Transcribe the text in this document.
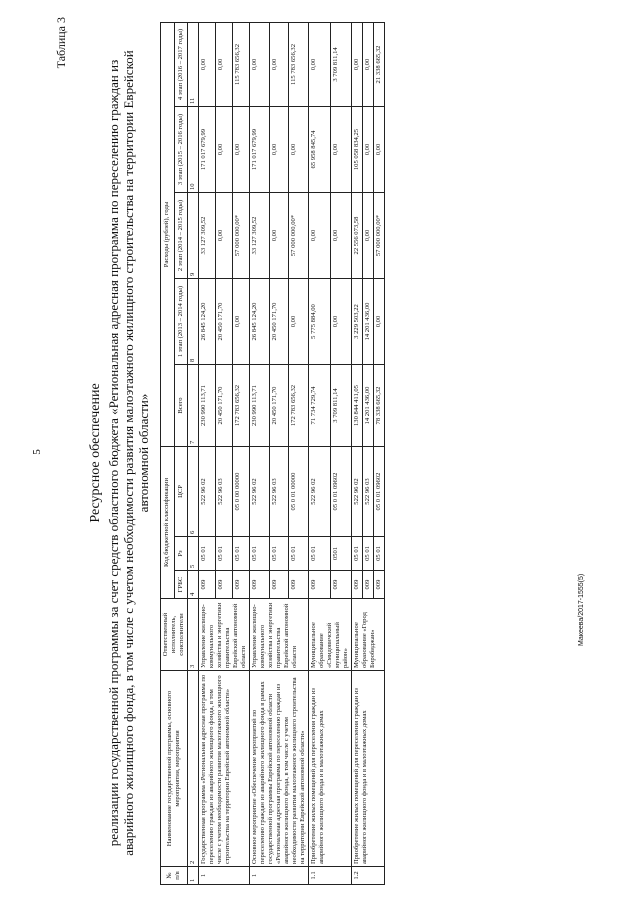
5
Таблица 3
Ресурсное обеспечение реализации государственной программы за счет средств областного бюджета «Региональная адресная программа по переселению граждан из аварийного жилищного фонда, в том числе с учетом необходимости развития малоэтажного жилищного строительства на территории Еврейской автономной области»
№ п/в	Наименование государственной программы, основного мероприятия, мероприятия	Ответственный исполнитель, соисполнители	Код бюджетной классификации			Расходы (рублей), годы				
			ГРБС	Рз	ЦСР	Всего	1 этап (2013 – 2014 годы)	2 этап (2014 – 2015 годы)	3 этап (2015 – 2016 годы)	4 этап (2016 – 2017 годы)
1	2	3	4	5	6	7	8	9	10	11
1	Государственная программа «Региональная адресная программа по переселению граждан из аварийного жилищного фонда, в том числе с учетом необходимости развития малоэтажного жилищного строительства на территории Еврейской автономной области»	Управление жилищно-коммунального хозяйства и энергетики правительства Еврейской автономной области	009	05 01	522 96 02	230 990 113,71	26 845 124,20	33 127 309,52	171 017 679,99	0,00
			009	05 01	522 96 03	20 450 171,70	20 450 171,70	0,00	0,00	0,00
			009	05 01	05 0 00 00000	172 783 656,32	0,00	57 000 000,00*	0,00	115 783 656,32
1	Основное мероприятие «Обеспечение мероприятий по переселению граждан из аварийного жилищного фонда в рамках государственной программы Еврейской автономной области «Региональная адресная программа по переселению граждан из аварийного жилищного фонда, в том числе с учетом необходимости развития малоэтажного жилищного строительства на территории Еврейской автономной области»	Управление жилищно-коммунального хозяйства и энергетики правительства Еврейской автономной области	009	05 01	522 96 02	230 990 113,71	26 845 124,20	33 127 309,52	171 017 679,99	0,00
			009	05 01	522 96 03	20 450 171,70	20 450 171,70	0,00	0,00	0,00
			009	05 01	05 0 01 00000	172 783 656,32	0,00	57 000 000,00*	0,00	115 783 656,32
1.1	Приобретение жилых помещений для переселения граждан из аварийного жилищного фонда и в малоэтажных домах	Муниципальное образование «Смидовичский муниципальный район»	009	05 01	522 96 02	71 734 729,74	5 775 884,00	0,00	65 958 845,74	0,00
			009	0501	05 0 01 09602	3 709 811,14	0,00	0,00	0,00	3 709 811,14
1.2	Приобретение жилых помещений для переселения граждан из аварийного жилищного фонда и в малоэтажных домах	Муниципальное образование «Город Биробиджан»	009	05 01	522 96 02	130 844 411,05	3 229 503,22	22 556 073,58	105 058 834,25	0,00
			009	05 01	522 96 03	14 201 436,00	14 201 436,00	0,00	0,00	0,00
			009	05 01	05 0 01 09602	78 338 665,32	0,00	57 000 000,00*	0,00	21 338 665,32
Макеева/2017-1555(5)
